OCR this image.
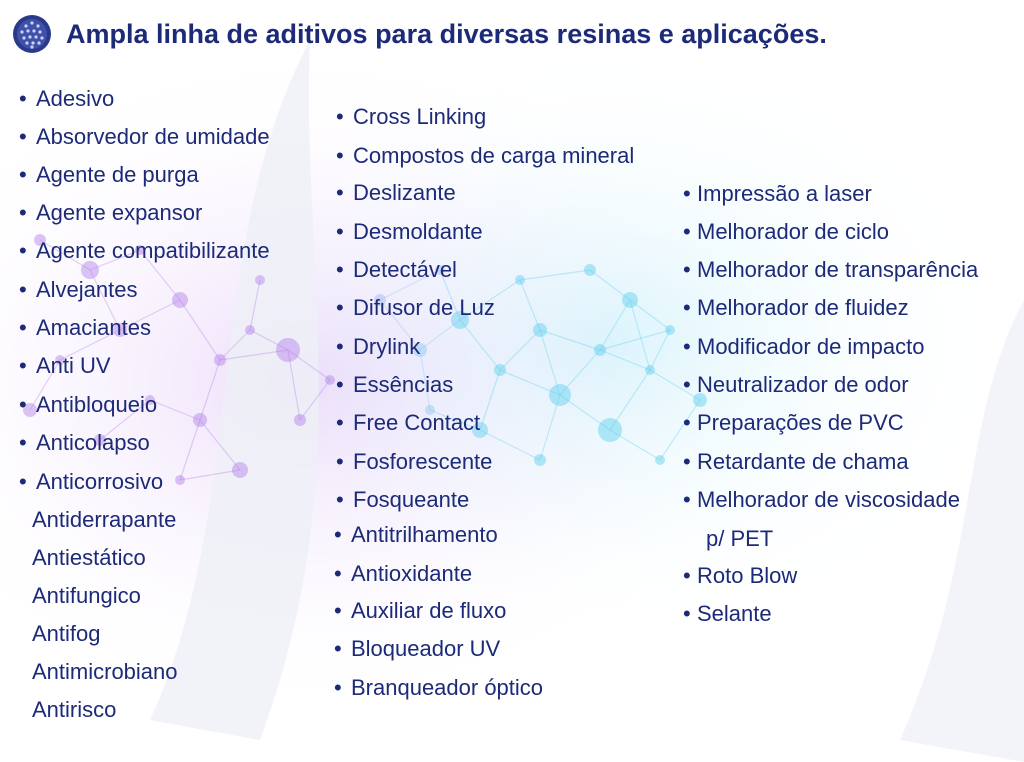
Ampla linha de aditivos para diversas resinas e aplicações.
• Adesivo
• Absorvedor de umidade
• Agente de purga
• Agente expansor
• Agente compatibilizante
• Alvejantes
• Amaciantes
• Anti UV
• Antibloqueio
• Anticolapso
• Anticorrosivo
Antiderrapante
Antiestático
Antifungico
Antifog
Antimicrobiano
Antirisco
• Cross Linking
• Compostos de carga mineral
• Deslizante
• Desmoldante
• Detectável
• Difusor de Luz
• Drylink
• Essências
• Free Contact
• Fosforescente
• Fosqueante
• Antitrilhamento
• Antioxidante
• Auxiliar de fluxo
• Bloqueador UV
• Branqueador óptico
• Impressão a laser
• Melhorador de ciclo
• Melhorador de transparência
• Melhorador de fluidez
• Modificador de impacto
• Neutralizador de odor
• Preparações de PVC
• Retardante de chama
• Melhorador de viscosidade
p/ PET
• Roto Blow
• Selante
